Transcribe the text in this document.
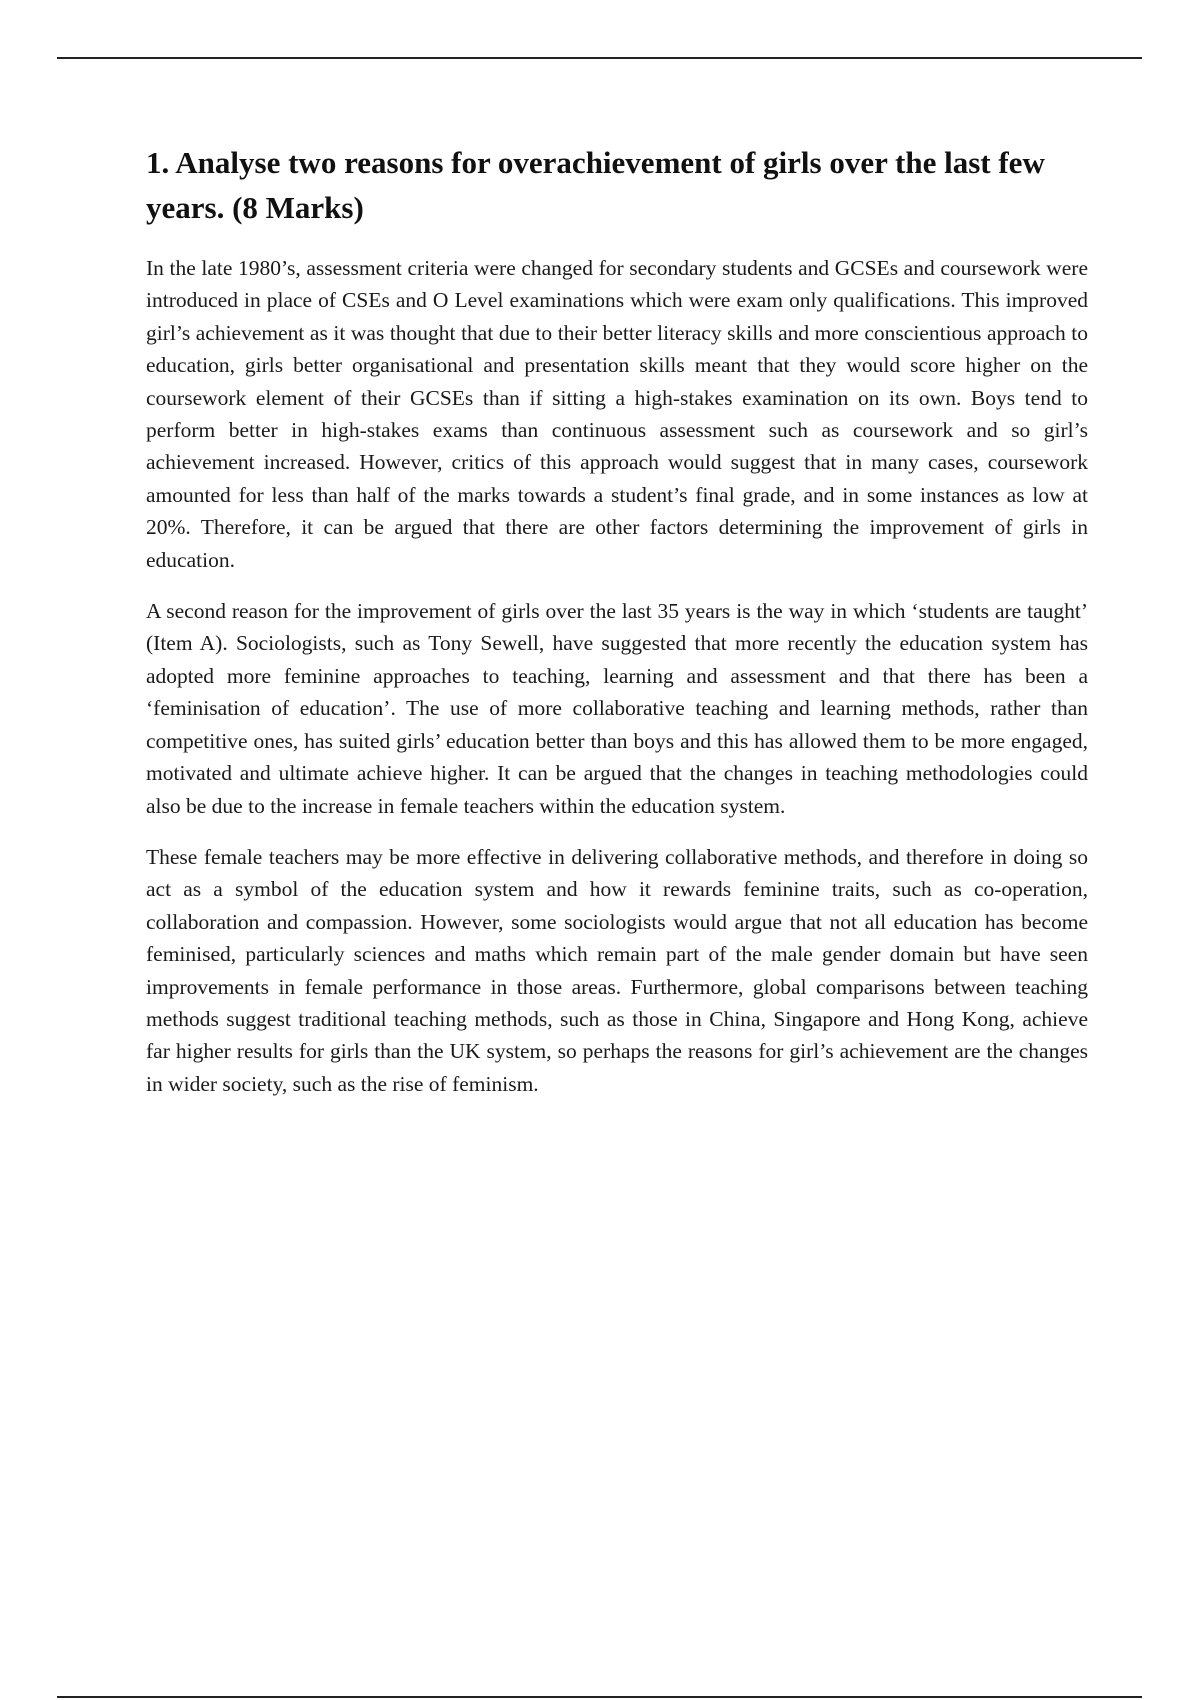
1. Analyse two reasons for overachievement of girls over the last few years. (8 Marks)

In the late 1980’s, assessment criteria were changed for secondary students and GCSEs and coursework were introduced in place of CSEs and O Level examinations which were exam only qualifications. This improved girl’s achievement as it was thought that due to their better literacy skills and more conscientious approach to education, girls better organisational and presentation skills meant that they would score higher on the coursework element of their GCSEs than if sitting a high-stakes examination on its own. Boys tend to perform better in high-stakes exams than continuous assessment such as coursework and so girl’s achievement increased. However, critics of this approach would suggest that in many cases, coursework amounted for less than half of the marks towards a student’s final grade, and in some instances as low at 20%. Therefore, it can be argued that there are other factors determining the improvement of girls in education.

A second reason for the improvement of girls over the last 35 years is the way in which ‘students are taught’ (Item A). Sociologists, such as Tony Sewell, have suggested that more recently the education system has adopted more feminine approaches to teaching, learning and assessment and that there has been a ‘feminisation of education’. The use of more collaborative teaching and learning methods, rather than competitive ones, has suited girls’ education better than boys and this has allowed them to be more engaged, motivated and ultimate achieve higher. It can be argued that the changes in teaching methodologies could also be due to the increase in female teachers within the education system.

These female teachers may be more effective in delivering collaborative methods, and therefore in doing so act as a symbol of the education system and how it rewards feminine traits, such as co-operation, collaboration and compassion. However, some sociologists would argue that not all education has become feminised, particularly sciences and maths which remain part of the male gender domain but have seen improvements in female performance in those areas. Furthermore, global comparisons between teaching methods suggest traditional teaching methods, such as those in China, Singapore and Hong Kong, achieve far higher results for girls than the UK system, so perhaps the reasons for girl’s achievement are the changes in wider society, such as the rise of feminism.
